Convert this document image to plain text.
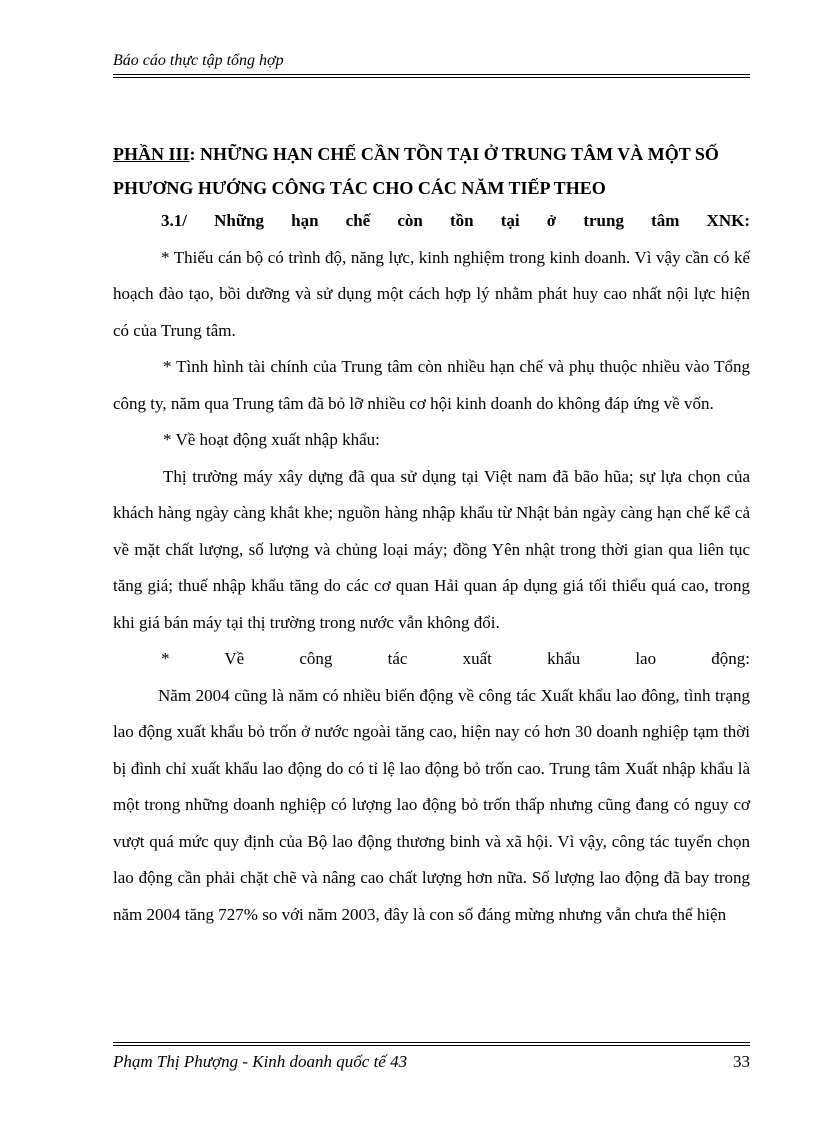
Báo cáo thực tập tổng hợp
PHẦN III: NHỮNG HẠN CHẾ CẦN TỒN TẠI Ở TRUNG TÂM VÀ MỘT SỐ PHƯƠNG HƯỚNG CÔNG TÁC CHO CÁC NĂM TIẾP THEO

3.1/ Những hạn chế còn tồn tại ở trung tâm XNK:

* Thiếu cán bộ có trình độ, năng lực, kinh nghiệm trong kinh doanh. Vì vậy cần có kế hoạch đào tạo, bồi dưỡng và sử dụng một cách hợp lý nhằm phát huy cao nhất nội lực hiện có của Trung tâm.

* Tình hình tài chính của Trung tâm còn nhiều hạn chế và phụ thuộc nhiều vào Tổng công ty, năm qua Trung tâm đã bỏ lỡ nhiều cơ hội kinh doanh do không đáp ứng về vốn.

* Về hoạt động xuất nhập khẩu:

Thị trường máy xây dựng đã qua sử dụng tại Việt nam đã bão hũa; sự lựa chọn của khách hàng ngày càng khắt khe; nguồn hàng nhập khẩu từ Nhật bản ngày càng hạn chế kể cả về mặt chất lượng, số lượng và chủng loại máy; đồng Yên nhật trong thời gian qua liên tục tăng giá; thuế nhập khẩu tăng do các cơ quan Hải quan áp dụng giá tối thiểu quá cao, trong khi giá bán máy tại thị trường trong nước vẫn không đổi.

* Về công tác xuất khẩu lao động:

Năm 2004 cũng là năm có nhiều biến động về công tác Xuất khẩu lao đông, tình trạng lao động xuất khẩu bỏ trốn ở nước ngoài tăng cao, hiện nay có hơn 30 doanh nghiệp tạm thời bị đình chỉ xuất khẩu lao động do có tỉ lệ lao động bỏ trốn cao. Trung tâm Xuất nhập khẩu là một trong những doanh nghiệp có lượng lao động bỏ trốn thấp nhưng cũng đang có nguy cơ vượt quá mức quy định của Bộ lao động thương binh và xã hội. Vì vậy, công tác tuyển chọn lao động cần phải chặt chẽ và nâng cao chất lượng hơn nữa. Số lượng lao động đã bay trong năm 2004 tăng 727% so với năm 2003, đây là con số đáng mừng nhưng vẫn chưa thể hiện

Phạm Thị Phượng - Kinh doanh quốc tế 43	33
